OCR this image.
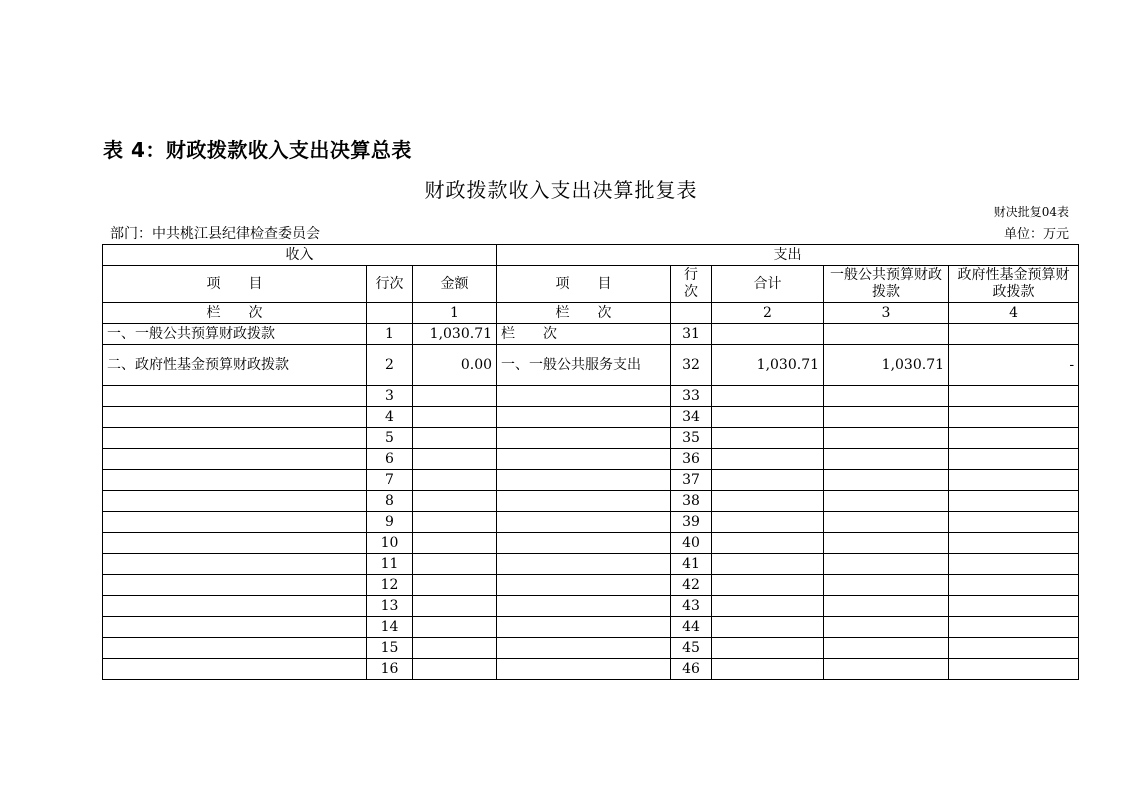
表 4：财政拨款收入支出决算总表
财政拨款收入支出决算批复表
财决批复04表
部门：中共桃江县纪律检查委员会	单位：万元
收入			支出				
项　　目	行次	金额	项　　目	行 次	合计	一般公共预算财政拨款	政府性基金预算财政拨款
栏　　次		1	栏　　次		2	3	4
一、一般公共预算财政拨款	1	1,030.71	栏　　次	31			
二、政府性基金预算财政拨款	2	0.00	一、一般公共服务支出	32	1,030.71	1,030.71	-
	3			33			
	4			34			
	5			35			
	6			36			
	7			37			
	8			38			
	9			39			
	10			40			
	11			41			
	12			42			
	13			43			
	14			44			
	15			45			
	16			46			
